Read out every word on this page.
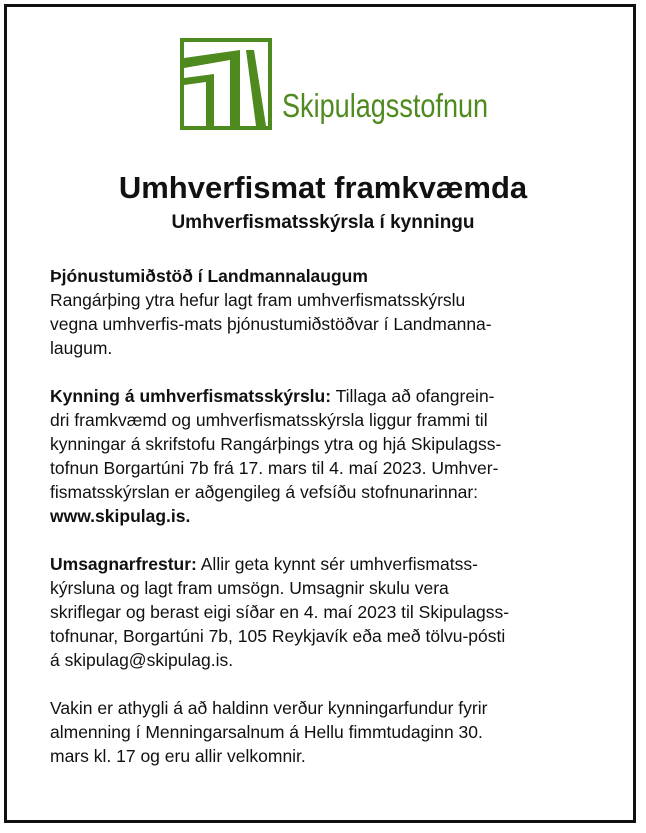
Skipulagsstofnun
Umhverfismat framkvæmda
Umhverfismatsskýrsla í kynningu

Þjónustumiðstöð í Landmannalaugum
Rangárþing ytra hefur lagt fram umhverfismatsskýrslu
vegna umhverfis-mats þjónustumiðstöðvar í Landmanna-
laugum.

Kynning á umhverfismatsskýrslu: Tillaga að ofangrein-
dri framkvæmd og umhverfismatsskýrsla liggur frammi til
kynningar á skrifstofu Rangárþings ytra og hjá Skipulagss-
tofnun Borgartúni 7b frá 17. mars til 4. maí 2023. Umhver-
fismatsskýrslan er aðgengileg á vefsíðu stofnunarinnar:
www.skipulag.is.

Umsagnarfrestur: Allir geta kynnt sér umhverfismatss-
kýrsluna og lagt fram umsögn. Umsagnir skulu vera
skriflegar og berast eigi síðar en 4. maí 2023 til Skipulagss-
tofnunar, Borgartúni 7b, 105 Reykjavík eða með tölvu-pósti
á skipulag@skipulag.is.

Vakin er athygli á að haldinn verður kynningarfundur fyrir
almenning í Menningarsalnum á Hellu fimmtudaginn 30.
mars kl. 17 og eru allir velkomnir.
